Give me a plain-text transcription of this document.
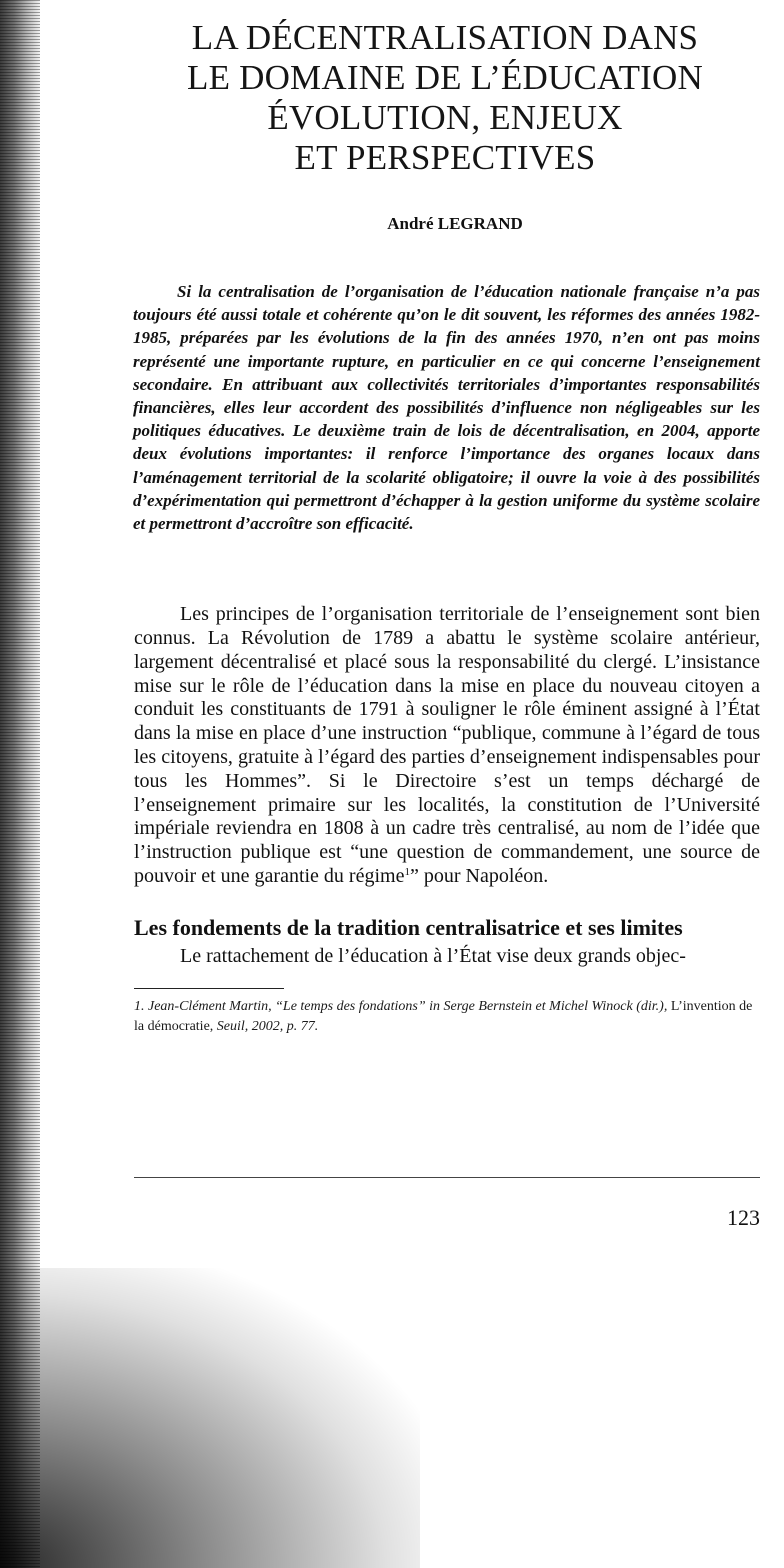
LA DÉCENTRALISATION DANS
LE DOMAINE DE L’ÉDUCATION
ÉVOLUTION, ENJEUX
ET PERSPECTIVES
André LEGRAND

Si la centralisation de l’organisation de l’éducation nationale française n’a pas toujours été aussi totale et cohérente qu’on le dit souvent, les réformes des années 1982-1985, préparées par les évolutions de la fin des années 1970, n’en ont pas moins représenté une importante rupture, en particulier en ce qui concerne l’enseignement secondaire. En attribuant aux collectivités territoriales d’importantes responsabilités financières, elles leur accordent des possibilités d’influence non négligeables sur les politiques éducatives. Le deuxième train de lois de décentralisation, en 2004, apporte deux évolutions importantes: il renforce l’importance des organes locaux dans l’aménagement territorial de la scolarité obligatoire; il ouvre la voie à des possibilités d’expérimentation qui permettront d’échapper à la gestion uniforme du système scolaire et permettront d’accroître son efficacité.

Les principes de l’organisation territoriale de l’enseignement sont bien connus. La Révolution de 1789 a abattu le système scolaire antérieur, largement décentralisé et placé sous la responsabilité du clergé. L’insistance mise sur le rôle de l’éducation dans la mise en place du nouveau citoyen a conduit les constituants de 1791 à souligner le rôle éminent assigné à l’État dans la mise en place d’une instruction “publique, commune à l’égard de tous les citoyens, gratuite à l’égard des parties d’enseignement indispensables pour tous les Hommes”. Si le Directoire s’est un temps déchargé de l’enseignement primaire sur les localités, la constitution de l’Université impériale reviendra en 1808 à un cadre très centralisé, au nom de l’idée que l’instruction publique est “une question de commandement, une source de pouvoir et une garantie du régime$^1$” pour Napoléon.

Les fondements de la tradition centralisatrice et ses limites

Le rattachement de l’éducation à l’État vise deux grands objec-

1. Jean-Clément Martin, “Le temps des fondations” in Serge Bernstein et Michel Winock (dir.), L’invention de la démocratie, Seuil, 2002, p. 77.

123
